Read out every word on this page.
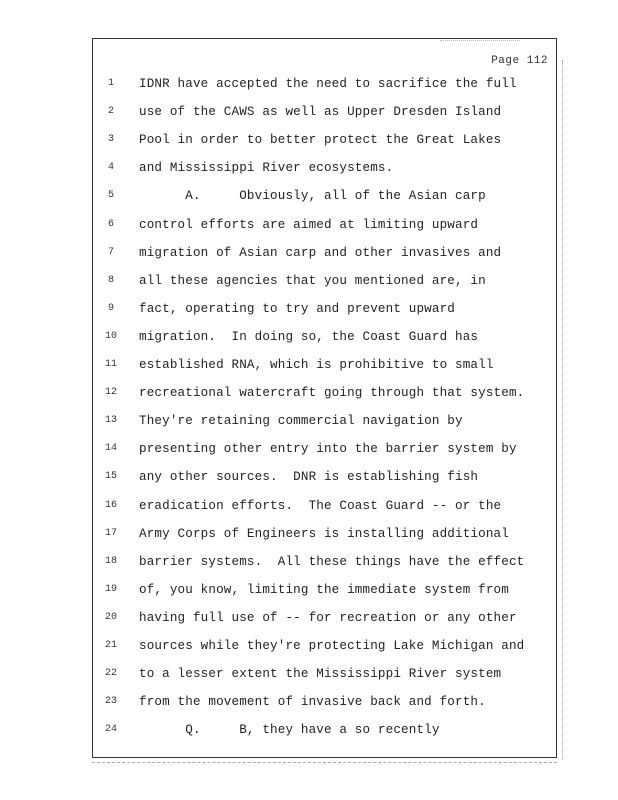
Page 112
1	IDNR have accepted the need to sacrifice the full
2	use of the CAWS as well as Upper Dresden Island
3	Pool in order to better protect the Great Lakes
4	and Mississippi River ecosystems.
5	A.     Obviously, all of the Asian carp
6	control efforts are aimed at limiting upward
7	migration of Asian carp and other invasives and
8	all these agencies that you mentioned are, in
9	fact, operating to try and prevent upward
10	migration.  In doing so, the Coast Guard has
11	established RNA, which is prohibitive to small
12	recreational watercraft going through that system.
13	They're retaining commercial navigation by
14	presenting other entry into the barrier system by
15	any other sources.  DNR is establishing fish
16	eradication efforts.  The Coast Guard -- or the
17	Army Corps of Engineers is installing additional
18	barrier systems.  All these things have the effect
19	of, you know, limiting the immediate system from
20	having full use of -- for recreation or any other
21	sources while they're protecting Lake Michigan and
22	to a lesser extent the Mississippi River system
23	from the movement of invasive back and forth.
24	Q.     B, they have a so recently
